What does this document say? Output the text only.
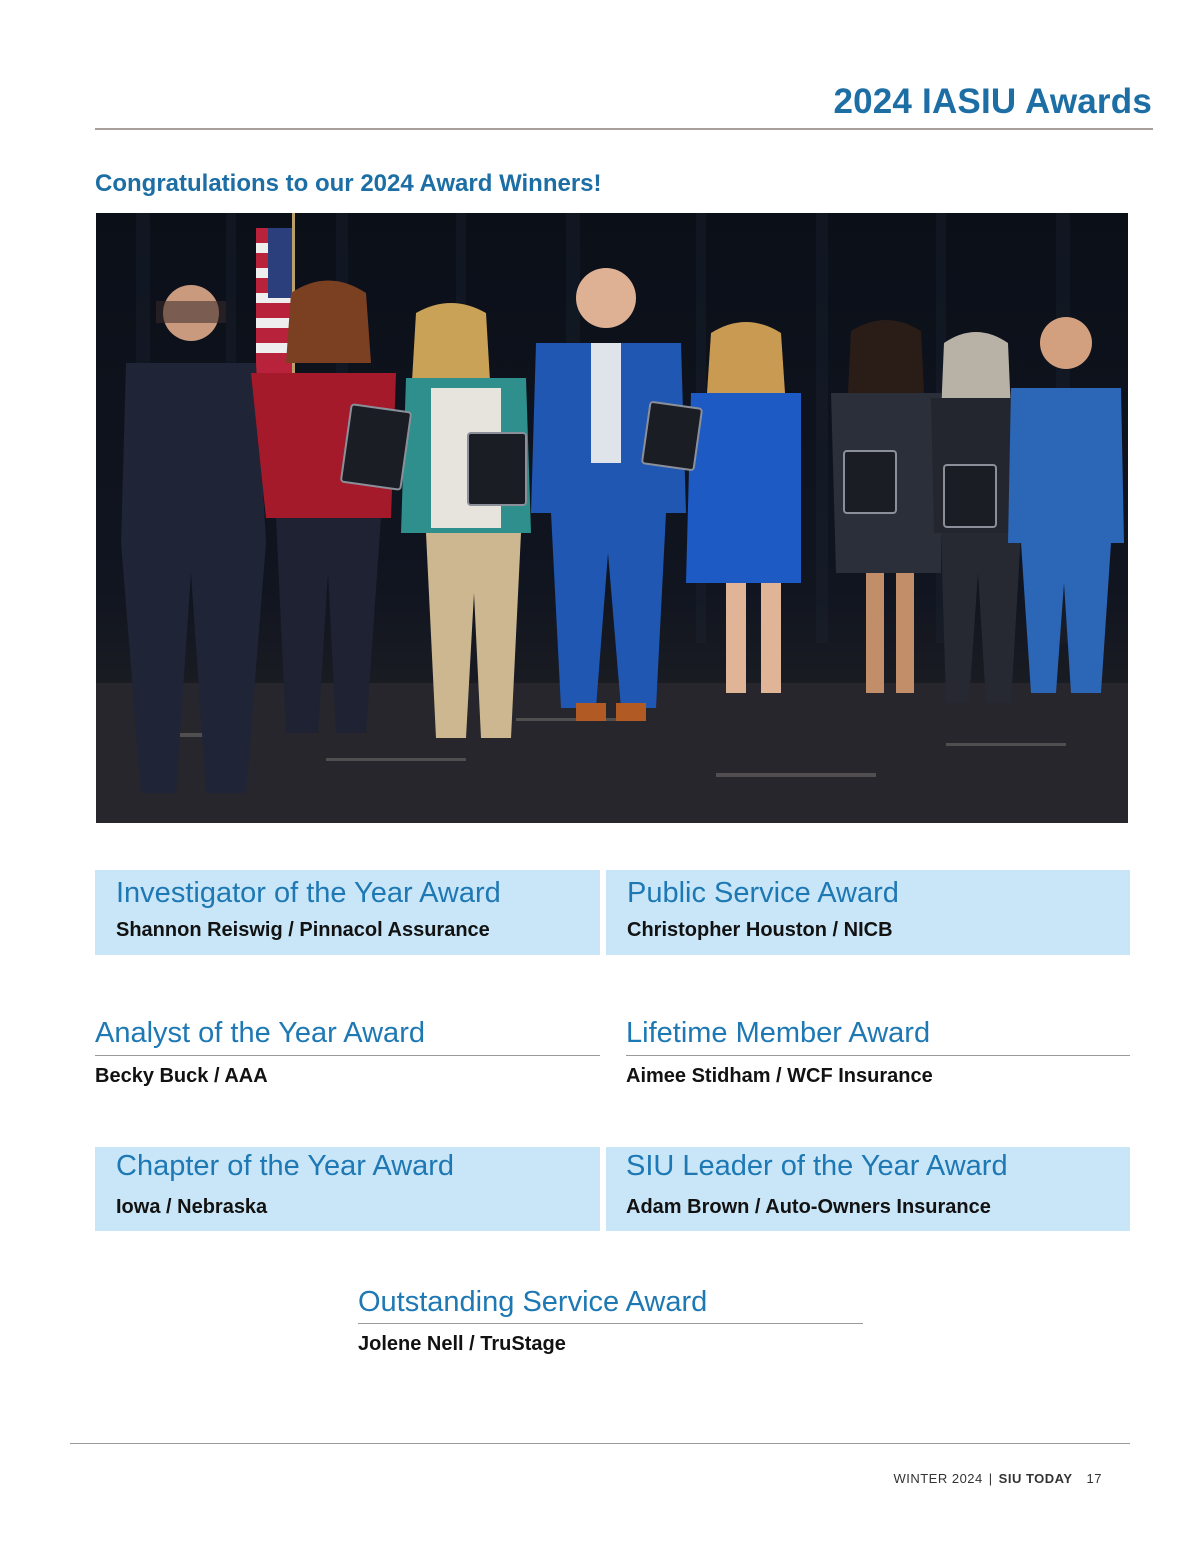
2024 IASIU Awards
Congratulations to our 2024 Award Winners!
Investigator of the Year Award
Shannon Reiswig / Pinnacol Assurance
Public Service Award
Christopher Houston / NICB
Analyst of the Year Award
Becky Buck / AAA
Lifetime Member Award
Aimee Stidham / WCF Insurance
Chapter of the Year Award
Iowa / Nebraska
SIU Leader of the Year Award
Adam Brown / Auto-Owners Insurance
Outstanding Service Award
Jolene Nell / TruStage
WINTER 2024 | SIU TODAY 17
